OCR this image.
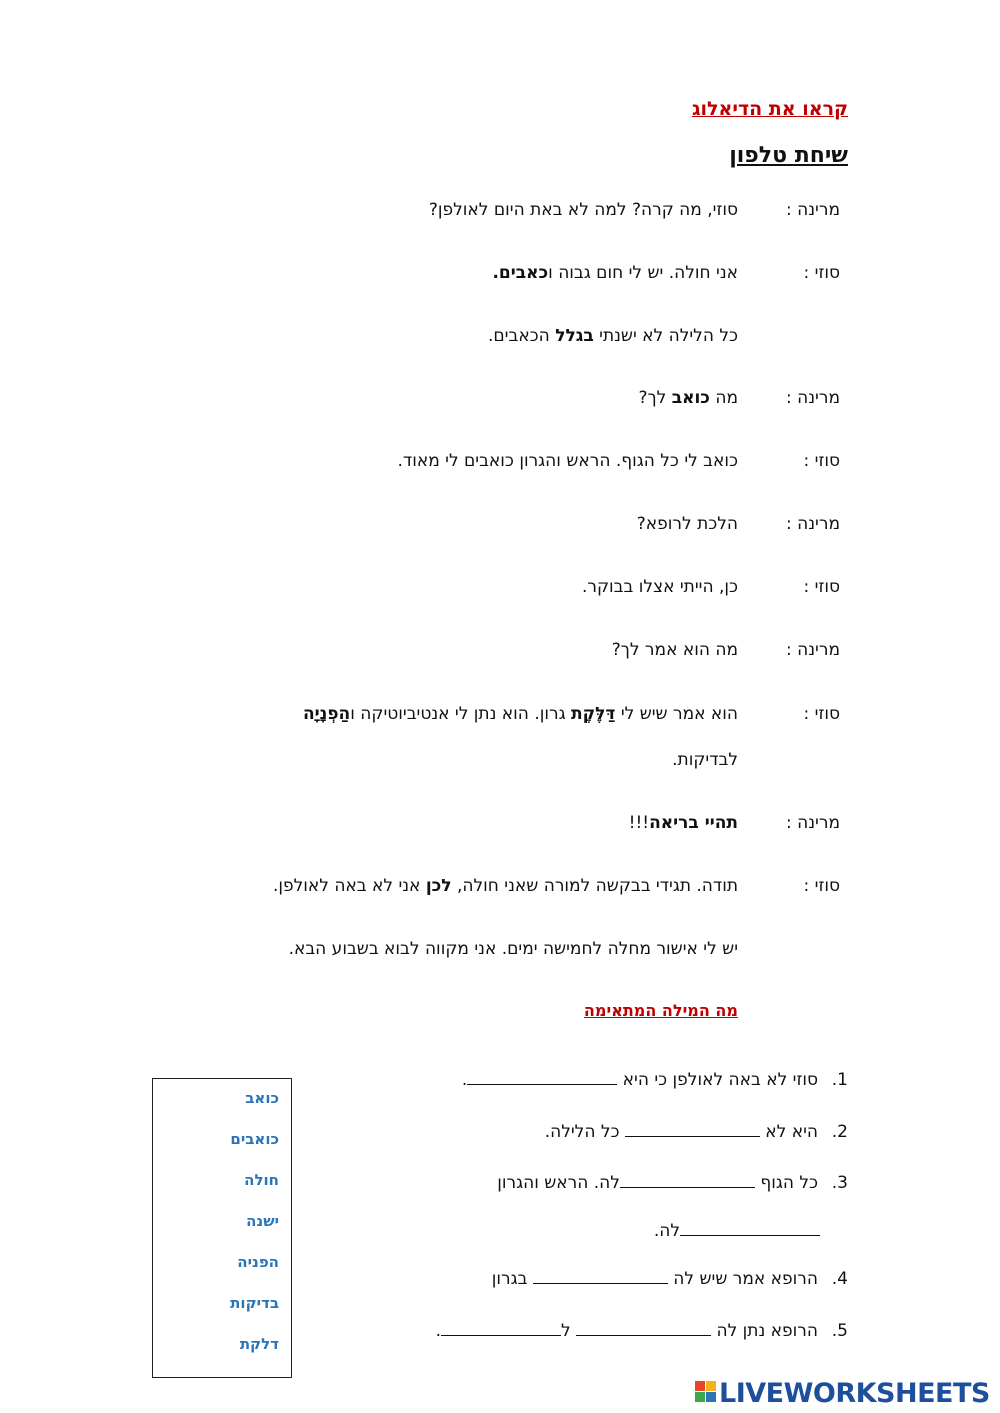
קראו את הדיאלוג
שיחת טלפון
מרינה :
סוזי, מה קרה? למה לא באת היום לאולפן?
סוזי :
אני חולה. יש לי חום גבוה וכאבים.
כל הלילה לא ישנתי בגלל הכאבים.
מרינה :
מה כואב לך?
סוזי :
כואב לי כל הגוף. הראש והגרון כואבים לי מאוד.
מרינה :
הלכת לרופא?
סוזי :
כן, הייתי אצלו בבוקר.
מרינה :
מה הוא אמר לך?
סוזי :
הוא אמר שיש לי דַּלֶּקֶת גרון. הוא נתן לי אנטיביוטיקה והַפְנָיָה
לבדיקות.
מרינה :
תהיי בריאה!!!
סוזי :
תודה. תגידי בבקשה למורה שאני חולה, לכן אני לא באה לאולפן.
יש לי אישור מחלה לחמישה ימים. אני מקווה לבוא בשבוע הבא.
מה המילה המתאימה
1.סוזי לא באה לאולפן כי היא .
2.היא לא  כל הלילה.
3.כל הגוף לה. הראש והגרון
לה.
4.הרופא אמר שיש לה  בגרון
5.הרופא נתן לה  ל.
כואב
כואבים
חולה
ישנה
הפניה
בדיקות
דלקת
LIVEWORKSHEETS
